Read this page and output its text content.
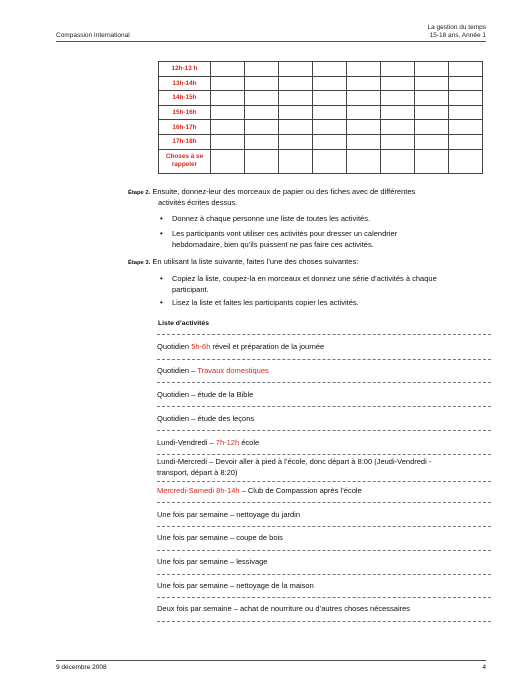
Compassion International
La gestion du temps
15-18 ans, Année 1
12h-13 h								
13h-14h								
14h-15h								
15h-16h								
16h-17h								
17h-18h								

Choses à se
rappeler								

Étape 2. Ensuite, donnez-leur des morceaux de papier ou des fiches avec de différentes
activités écrites dessus.
• Donnez à chaque personne une liste de toutes les activités.
• Les participants vont utiliser ces activités pour dresser un calendrier
hebdomadaire, bien qu’ils puissent ne pas faire ces activités.
Étape 3. En utilisant la liste suivante, faites l’une des choses suivantes:
• Copiez la liste, coupez-la en morceaux et donnez une série d’activités à chaque
participant.
• Lisez la liste et faites les participants copier les activités.
Liste d’activités
Quotidien 5h-6h réveil et préparation de la journée
Quotidien – Travaux domestiques
Quotidien – étude de la Bible
Quotidien – étude des leçons
Lundi-Vendredi – 7h-12h école
Lundi-Mercredi – Devoir aller à pied à l’école, donc départ à 8:00 (Jeudi-Vendredi -
transport, départ à 8:20)
Mercredi-Samedi 8h-14h – Club de Compassion après l’école
Une fois par semaine – nettoyage du jardin
Une fois par semaine – coupe de bois
Une fois par semaine – lessivage
Une fois par semaine – nettoyage de la maison
Deux fois par semaine – achat de nourriture ou d’autres choses nécessaires
9 décembre 2008	4
